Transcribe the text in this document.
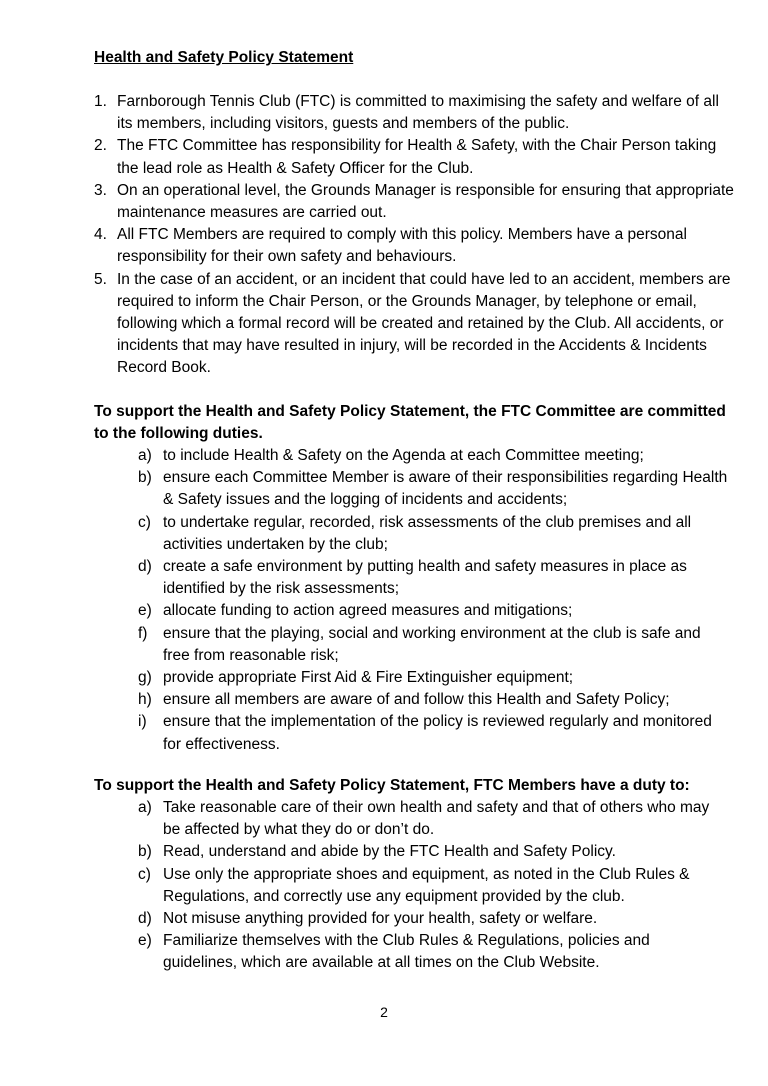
Health and Safety Policy Statement
1. Farnborough Tennis Club (FTC) is committed to maximising the safety and welfare of all its members, including visitors, guests and members of the public.
2. The FTC Committee has responsibility for Health & Safety, with the Chair Person taking the lead role as Health & Safety Officer for the Club.
3. On an operational level, the Grounds Manager is responsible for ensuring that appropriate maintenance measures are carried out.
4. All FTC Members are required to comply with this policy. Members have a personal responsibility for their own safety and behaviours.
5. In the case of an accident, or an incident that could have led to an accident, members are required to inform the Chair Person, or the Grounds Manager, by telephone or email, following which a formal record will be created and retained by the Club. All accidents, or incidents that may have resulted in injury, will be recorded in the Accidents & Incidents Record Book.
To support the Health and Safety Policy Statement, the FTC Committee are committed to the following duties.
a) to include Health & Safety on the Agenda at each Committee meeting;
b) ensure each Committee Member is aware of their responsibilities regarding Health & Safety issues and the logging of incidents and accidents;
c) to undertake regular, recorded, risk assessments of the club premises and all activities undertaken by the club;
d) create a safe environment by putting health and safety measures in place as identified by the risk assessments;
e) allocate funding to action agreed measures and mitigations;
f) ensure that the playing, social and working environment at the club is safe and free from reasonable risk;
g) provide appropriate First Aid & Fire Extinguisher equipment;
h) ensure all members are aware of and follow this Health and Safety Policy;
i) ensure that the implementation of the policy is reviewed regularly and monitored for effectiveness.
To support the Health and Safety Policy Statement, FTC Members have a duty to:
a) Take reasonable care of their own health and safety and that of others who may be affected by what they do or don’t do.
b) Read, understand and abide by the FTC Health and Safety Policy.
c) Use only the appropriate shoes and equipment, as noted in the Club Rules & Regulations, and correctly use any equipment provided by the club.
d) Not misuse anything provided for your health, safety or welfare.
e) Familiarize themselves with the Club Rules & Regulations, policies and guidelines, which are available at all times on the Club Website.
2
